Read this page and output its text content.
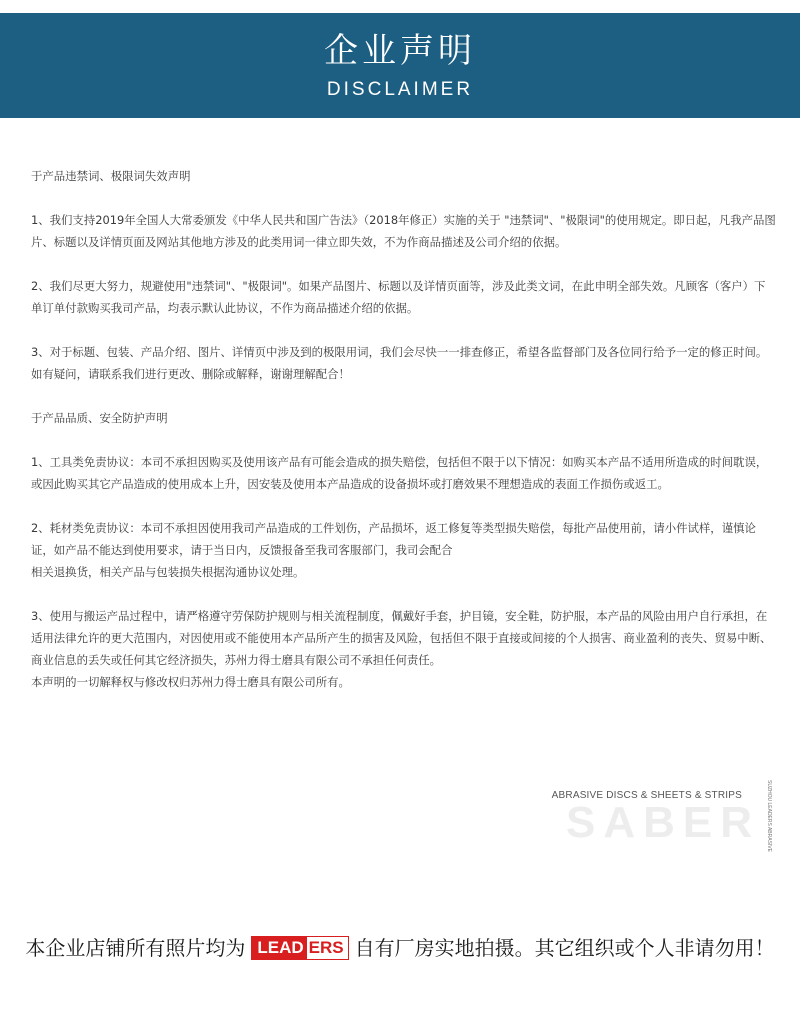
企业声明
DISCLAIMER

于产品违禁词、极限词失效声明

1、我们支持2019年全国人大常委颁发《中华人民共和国广告法》（2018年修正）实施的关于 "违禁词"、"极限词"的使用规定。即日起，凡我产品图片、标题以及详情页面及网站其他地方涉及的此类用词一律立即失效，不为作商品描述及公司介绍的依据。

2、我们尽更大努力，规避使用"违禁词"、"极限词"。如果产品图片、标题以及详情页面等，涉及此类文词，在此申明全部失效。凡顾客（客户）下单订单付款购买我司产品，均表示默认此协议，不作为商品描述介绍的依据。

3、对于标题、包装、产品介绍、图片、详情页中涉及到的极限用词，我们会尽快一一排查修正，希望各监督部门及各位同行给予一定的修正时间。
如有疑问，请联系我们进行更改、删除或解释，谢谢理解配合！

于产品品质、安全防护声明

1、工具类免责协议：本司不承担因购买及使用该产品有可能会造成的损失赔偿，包括但不限于以下情况：如购买本产品不适用所造成的时间耽误，或因此购买其它产品造成的使用成本上升，因安装及使用本产品造成的设备损坏或打磨效果不理想造成的表面工作损伤或返工。

2、耗材类免责协议：本司不承担因使用我司产品造成的工件划伤，产品损坏，返工修复等类型损失赔偿，每批产品使用前，请小件试样，谨慎论证，如产品不能达到使用要求，请于当日内，反馈报备至我司客服部门，我司会配合
相关退换货，相关产品与包装损失根据沟通协议处理。

3、使用与搬运产品过程中，请严格遵守劳保防护规则与相关流程制度，佩戴好手套，护目镜，安全鞋，防护服，本产品的风险由用户自行承担，在适用法律允许的更大范围内，对因使用或不能使用本产品所产生的损害及风险，包括但不限于直接或间接的个人损害、商业盈利的丧失、贸易中断、商业信息的丢失或任何其它经济损失，苏州力得士磨具有限公司不承担任何责任。
本声明的一切解释权与修改权归苏州力得士磨具有限公司所有。

SABER
ABRASIVE DISCS & SHEETS & STRIPS	SUZHOU LEADERS ABRASIVE
本企业店铺所有照片均为 LEAD ERS 自有厂房实地拍摄。其它组织或个人非请勿用！
